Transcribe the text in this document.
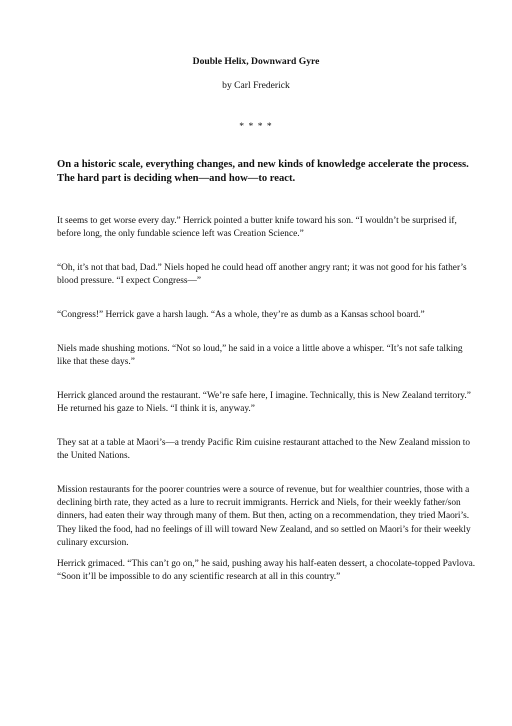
Double Helix, Downward Gyre
by Carl Frederick
* * * *
On a historic scale, everything changes, and new kinds of knowledge accelerate the process. The hard part is deciding when—and how—to react.

It seems to get worse every day.” Herrick pointed a butter knife toward his son. “I wouldn’t be surprised if, before long, the only fundable science left was Creation Science.”

“Oh, it’s not that bad, Dad.” Niels hoped he could head off another angry rant; it was not good for his father’s blood pressure. “I expect Congress—”

“Congress!” Herrick gave a harsh laugh. “As a whole, they’re as dumb as a Kansas school board.”

Niels made shushing motions. “Not so loud,” he said in a voice a little above a whisper. “It’s not safe talking like that these days.”

Herrick glanced around the restaurant. “We’re safe here, I imagine. Technically, this is New Zealand territory.” He returned his gaze to Niels. “I think it is, anyway.”

They sat at a table at Maori’s—a trendy Pacific Rim cuisine restaurant attached to the New Zealand mission to the United Nations.

Mission restaurants for the poorer countries were a source of revenue, but for wealthier countries, those with a declining birth rate, they acted as a lure to recruit immigrants. Herrick and Niels, for their weekly father/son dinners, had eaten their way through many of them. But then, acting on a recommendation, they tried Maori’s. They liked the food, had no feelings of ill will toward New Zealand, and so settled on Maori’s for their weekly culinary excursion.

Herrick grimaced. “This can’t go on,” he said, pushing away his half-eaten dessert, a chocolate-topped Pavlova. “Soon it’ll be impossible to do any scientific research at all in this country.”
